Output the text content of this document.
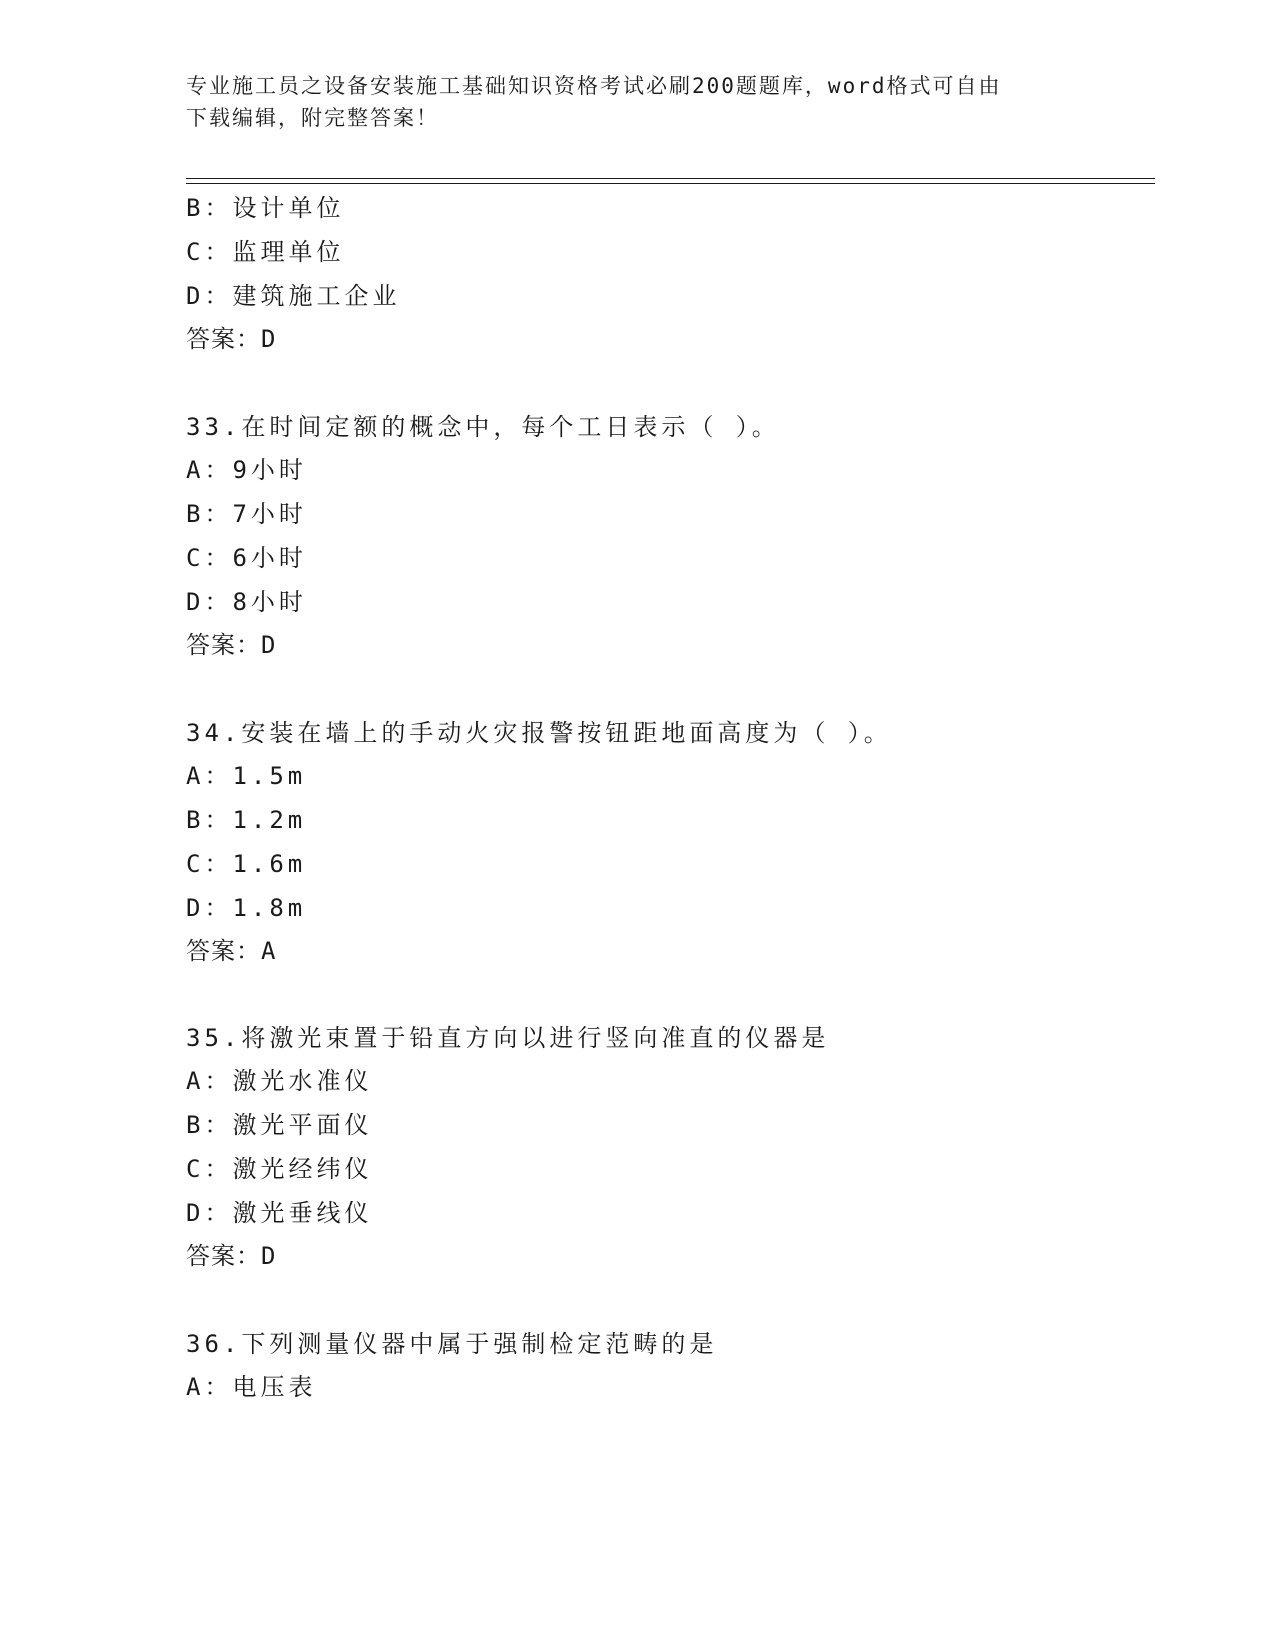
专业施工员之设备安装施工基础知识资格考试必刷200题题库，word格式可自由
下载编辑，附完整答案！
B：设计单位
C：监理单位
D：建筑施工企业
答案：D
33.在时间定额的概念中，每个工日表示（ ）。
A：9小时
B：7小时
C：6小时
D：8小时
答案：D
34.安装在墙上的手动火灾报警按钮距地面高度为（ ）。
A：1.5m
B：1.2m
C：1.6m
D：1.8m
答案：A
35.将激光束置于铅直方向以进行竖向准直的仪器是
A：激光水准仪
B：激光平面仪
C：激光经纬仪
D：激光垂线仪
答案：D
36.下列测量仪器中属于强制检定范畴的是
A：电压表
